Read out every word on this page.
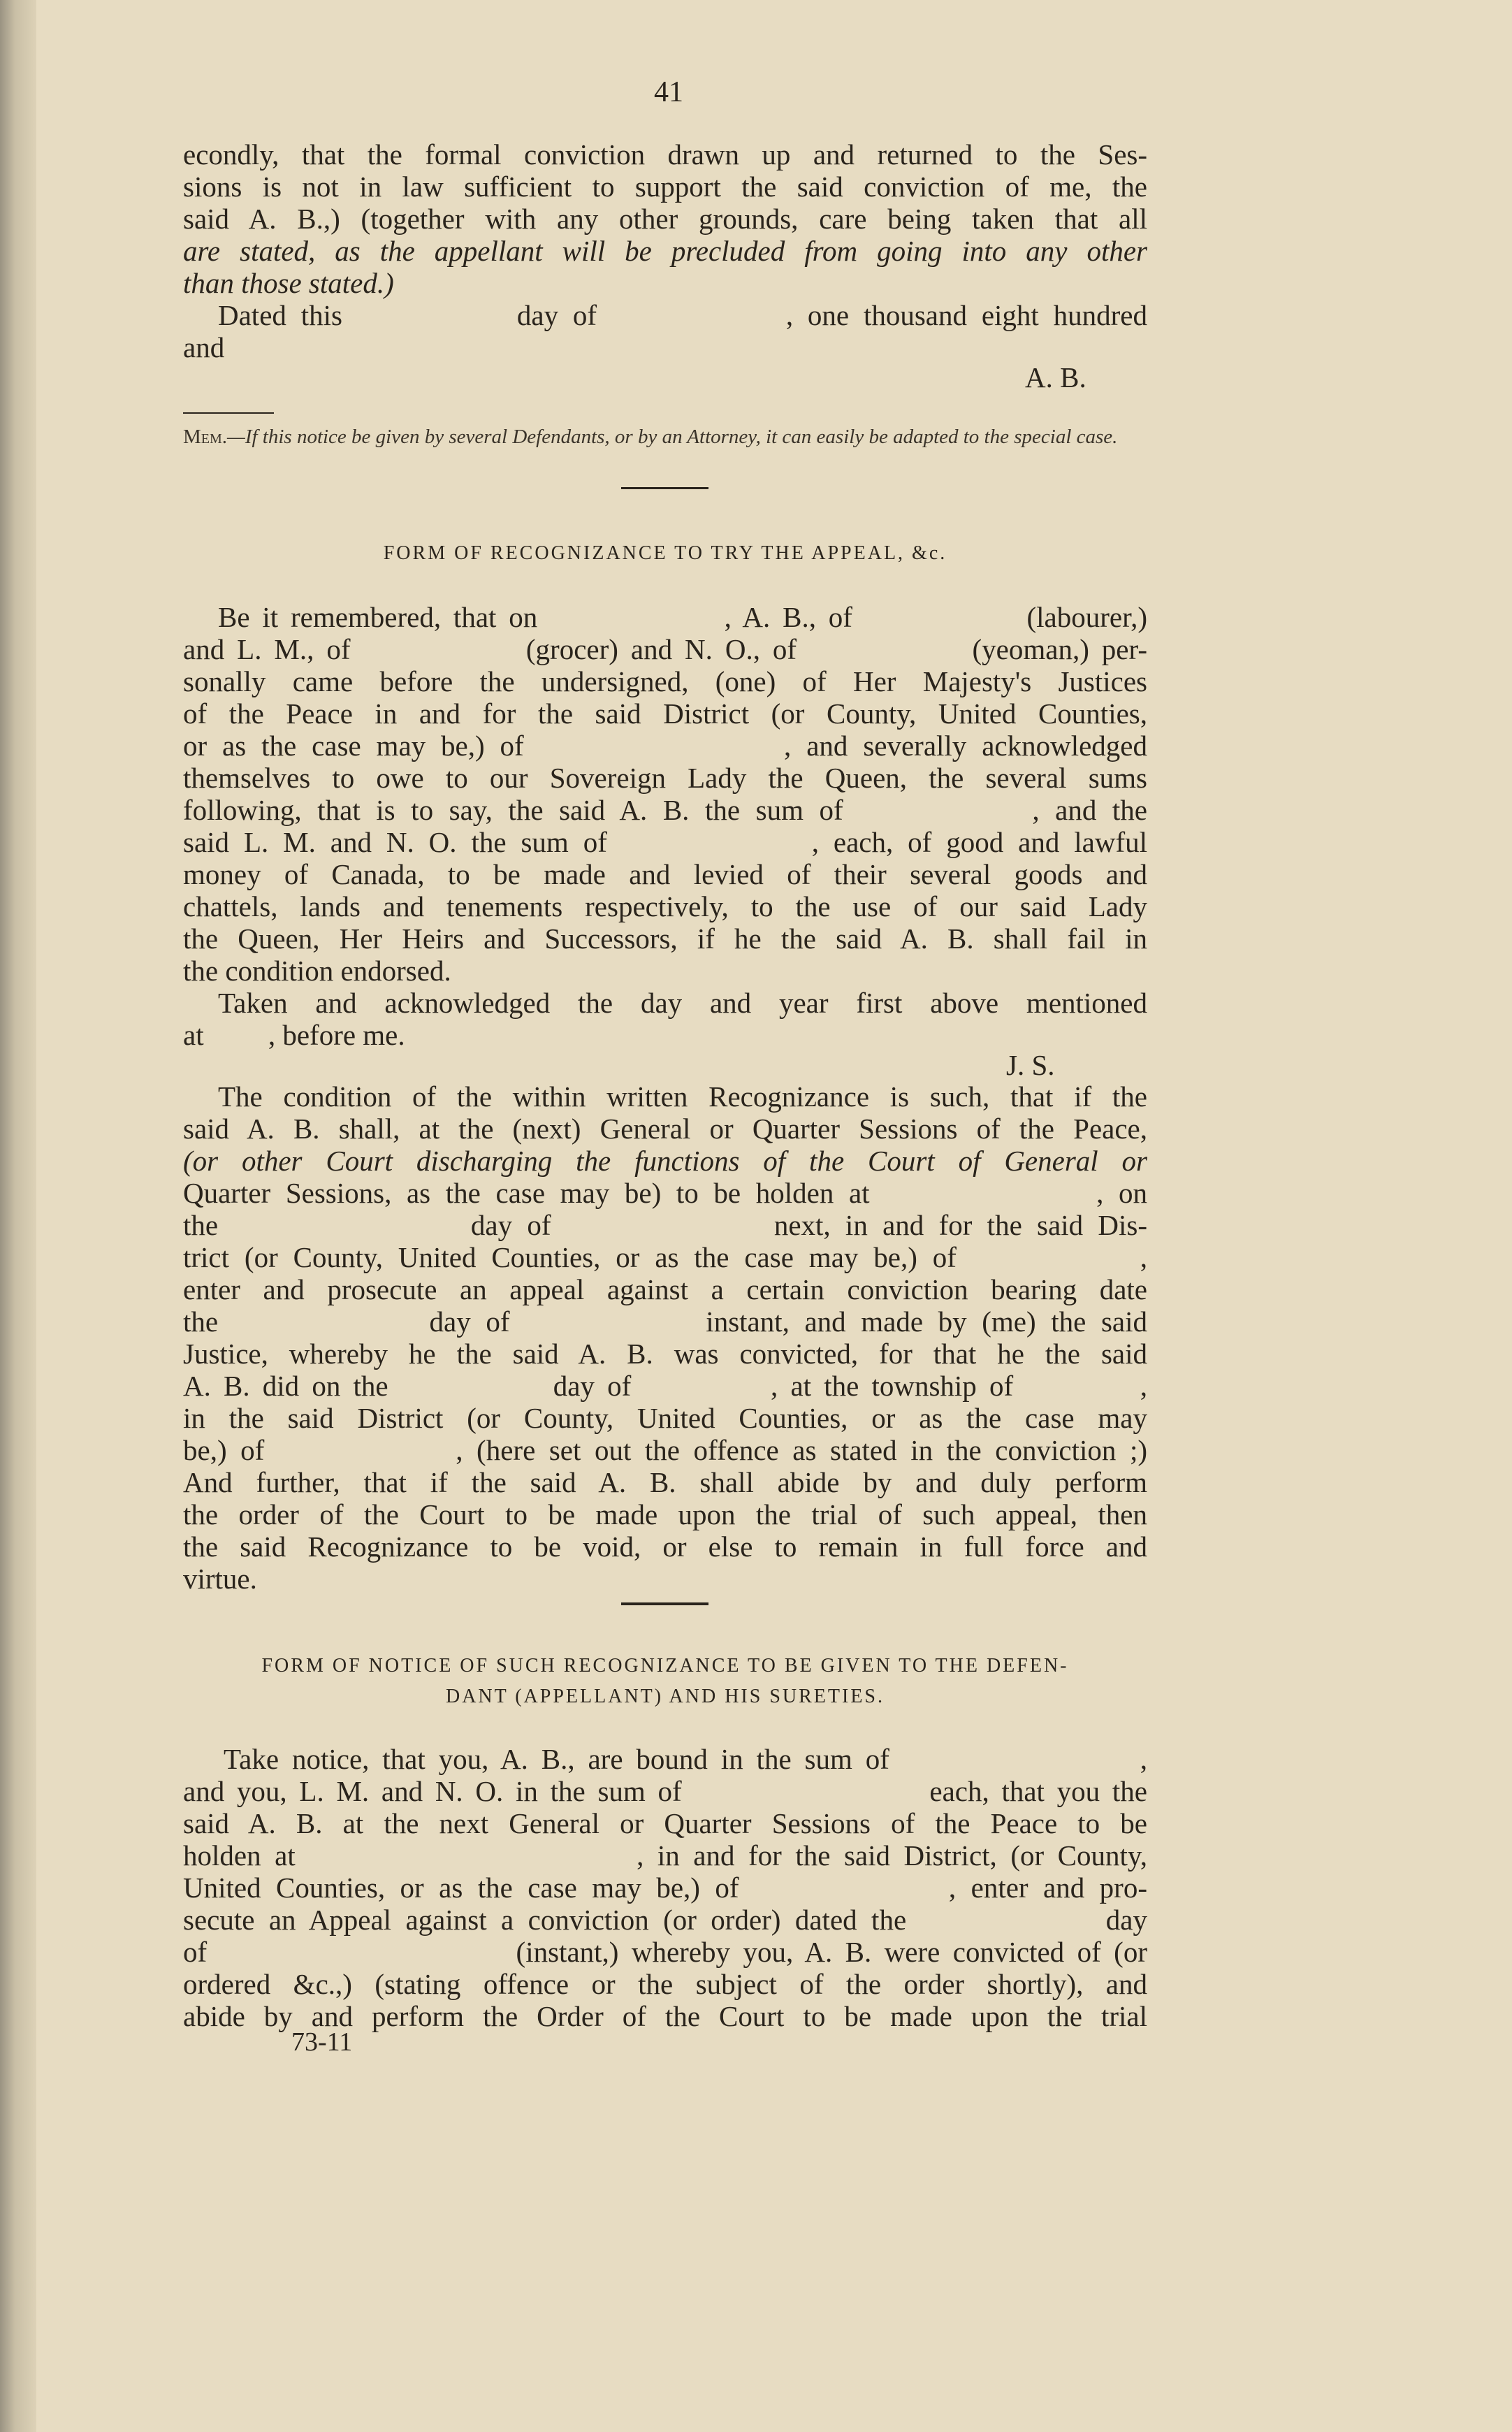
41
econdly, that the formal conviction drawn up and returned to the Ses-
sions is not in law sufficient to support the said conviction of me, the
said A. B.,) (together with any other grounds, care being taken that all
are stated, as the appellant will be precluded from going into any other
than those stated.)
Dated this            day of             , one thousand eight hundred
and
A. B.
Mem.—If this notice be given by several Defendants, or by an Attorney, it can easily be adapted to the special case.
FORM OF RECOGNIZANCE TO TRY THE APPEAL, &c.
Be it remembered, that on               , A. B., of              (labourer,)
and L. M., of              (grocer) and N. O., of              (yeoman,) per-
sonally came before the undersigned, (one) of Her Majesty's Justices
of the Peace in and for the said District (or County, United Counties,
or as the case may be,) of                 , and severally acknowledged
themselves to owe to our Sovereign Lady the Queen, the several sums
following, that is to say, the said A. B. the sum of            , and the
said L. M. and N. O. the sum of              , each, of good and lawful
money of Canada, to be made and levied of their several goods and
chattels, lands and tenements respectively, to the use of our said Lady
the Queen, Her Heirs and Successors, if he the said A. B. shall fail in
the condition endorsed.
Taken and acknowledged the day and year first above mentioned
at         , before me.
J. S.
The condition of the within written Recognizance is such, that if the
said A. B. shall, at the (next) General or Quarter Sessions of the Peace,
(or other Court discharging the functions of the Court of General or
Quarter Sessions, as the case may be) to be holden at               , on
the                 day of               next, in and for the said Dis-
trict (or County, United Counties, or as the case may be,) of            ,
enter and prosecute an appeal against a certain conviction bearing date
the              day of             instant, and made by (me) the said
Justice, whereby he the said A. B. was convicted, for that he the said
A. B. did on the             day of           , at the township of          ,
in the said District (or County, United Counties, or as the case may
be,) of              , (here set out the offence as stated in the conviction ;)
And further, that if the said A. B. shall abide by and duly perform
the order of the Court to be made upon the trial of such appeal, then
the said Recognizance to be void, or else to remain in full force and
virtue.
FORM OF NOTICE OF SUCH RECOGNIZANCE TO BE GIVEN TO THE DEFEN-
DANT (APPELLANT) AND HIS SURETIES.
Take notice, that you, A. B., are bound in the sum of                   ,
and you, L. M. and N. O. in the sum of                    each, that you the
said A. B. at the next General or Quarter Sessions of the Peace to be
holden at                         , in and for the said District, (or County,
United Counties, or as the case may be,) of              , enter and pro-
secute an Appeal against a conviction (or order) dated the              day
of                        (instant,) whereby you, A. B. were convicted of (or
ordered &c.,) (stating offence or the subject of the order shortly), and
abide by and perform the Order of the Court to be made upon the trial
73-11
